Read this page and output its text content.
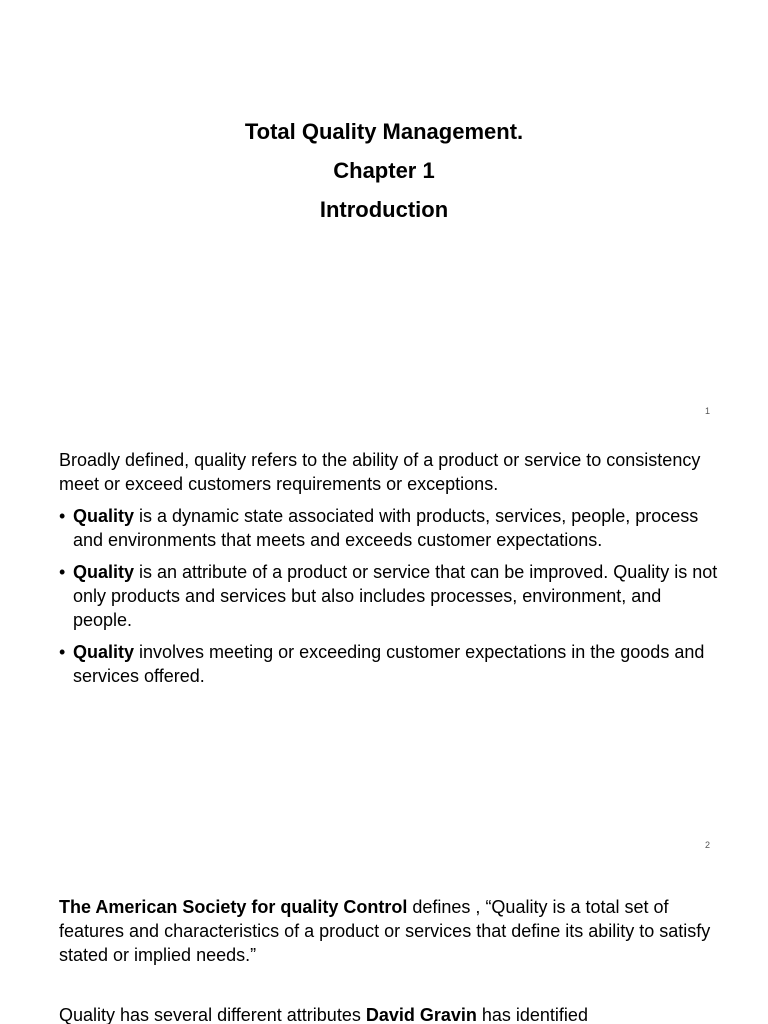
Total Quality Management.
Chapter 1
Introduction
1
Broadly defined, quality refers to the ability of a product or service to consistency meet or exceed customers requirements or exceptions.
• Quality is a dynamic state associated with products, services, people, process and environments that meets and exceeds customer expectations.
• Quality is an attribute of a product or service that can be improved. Quality is not only products and services but also includes processes, environment, and people.
• Quality involves meeting or exceeding customer expectations in the goods and services offered.
2
The American Society for quality Control defines , “Quality is a total set of features and characteristics of a product or services that define its ability to satisfy stated or implied needs.”
Quality has several different attributes David Gravin has identified
